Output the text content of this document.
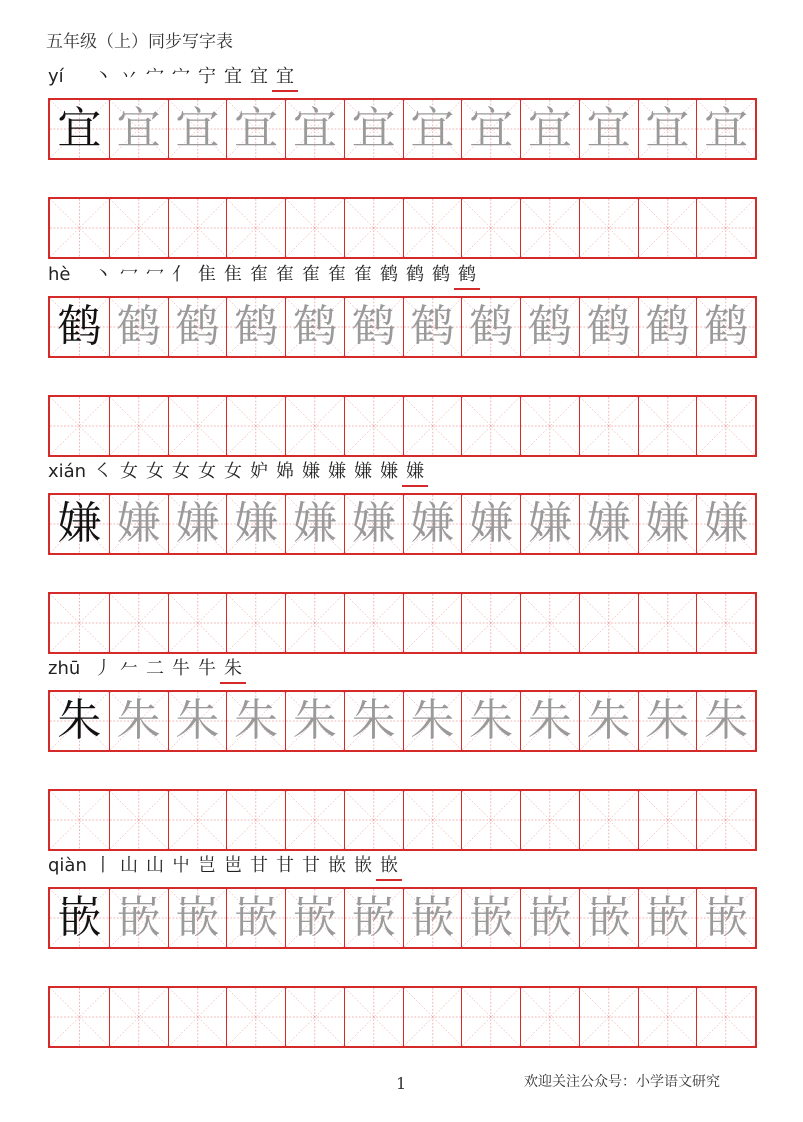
五年级（上）同步写字表
yí	丶 丷 宀 宀 宁 宜 宜 宜
宜 宜 宜 宜 宜 宜 宜 宜 宜 宜 宜 宜
hè	丶 冖 冖 亻 隹 隹 隺 隺 隺 隺 隺 鹤 鹤 鹤 鹤
鹤 鹤 鹤 鹤 鹤 鹤 鹤 鹤 鹤 鹤 鹤 鹤
xián ㇛ 女 女 女 女 女 妒 婂 嫌 嫌 嫌 嫌 嫌
嫌 嫌 嫌 嫌 嫌 嫌 嫌 嫌 嫌 嫌 嫌 嫌
zhū 丿 𠂉 二 牛 牛 朱
朱 朱 朱 朱 朱 朱 朱 朱 朱 朱 朱 朱
qiàn 丨 山 山 屮 岂 岜 甘 甘 甘 嵌 嵌 嵌
嵌 嵌 嵌 嵌 嵌 嵌 嵌 嵌 嵌 嵌 嵌 嵌
1	欢迎关注公众号：小学语文研究
